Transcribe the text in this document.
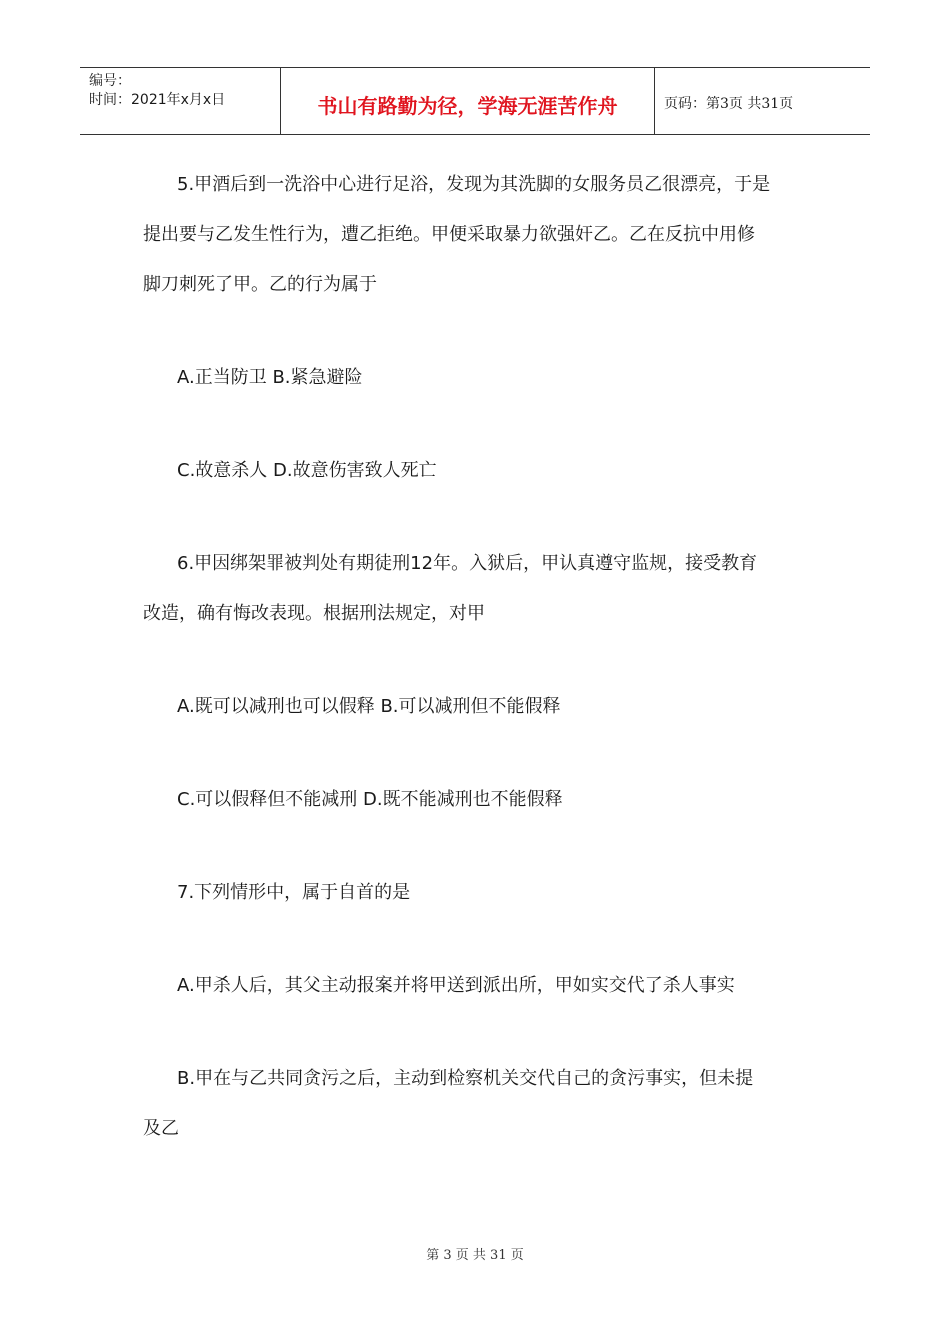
编号：
时间：2021年x月x日	书山有路勤为径，学海无涯苦作舟	页码：第3页 共31页

5.甲酒后到一洗浴中心进行足浴，发现为其洗脚的女服务员乙很漂亮，于是

提出要与乙发生性行为，遭乙拒绝。甲便采取暴力欲强奸乙。乙在反抗中用修

脚刀刺死了甲。乙的行为属于

A.正当防卫 B.紧急避险

C.故意杀人 D.故意伤害致人死亡

6.甲因绑架罪被判处有期徒刑12年。入狱后，甲认真遵守监规，接受教育

改造，确有悔改表现。根据刑法规定，对甲

A.既可以减刑也可以假释 B.可以减刑但不能假释

C.可以假释但不能减刑 D.既不能减刑也不能假释

7.下列情形中，属于自首的是

A.甲杀人后，其父主动报案并将甲送到派出所，甲如实交代了杀人事实

B.甲在与乙共同贪污之后，主动到检察机关交代自己的贪污事实，但未提

及乙

第 3 页 共 31 页
